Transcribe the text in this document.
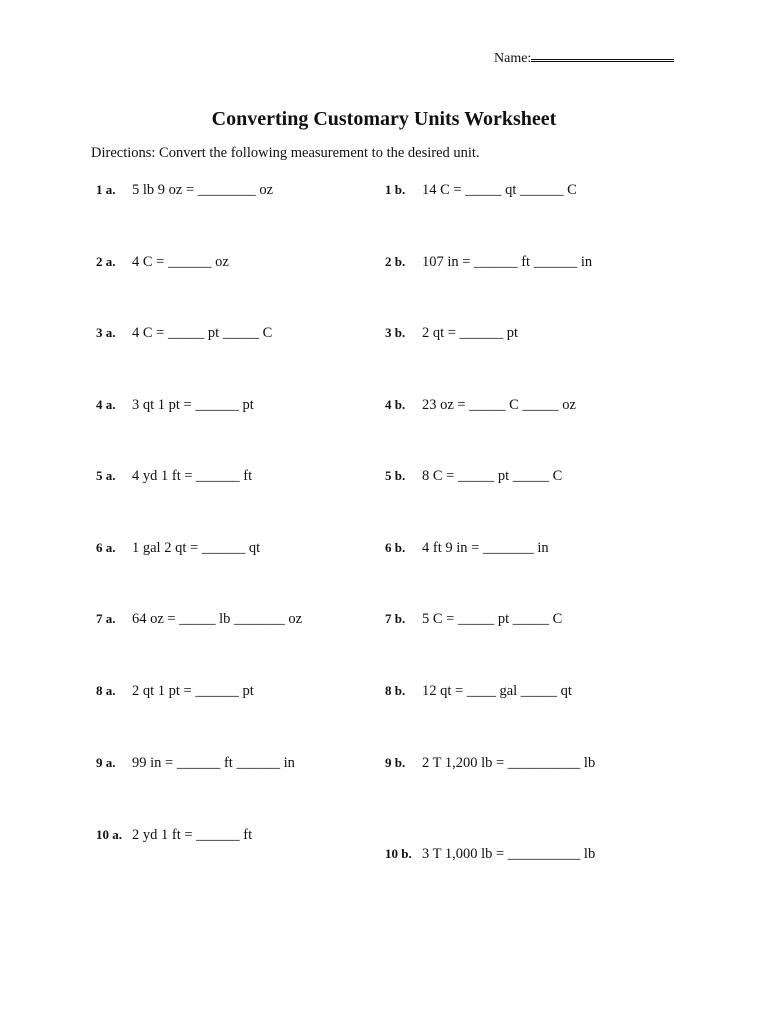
Name:
Converting Customary Units Worksheet
Directions: Convert the following measurement to the desired unit.
1 a. 5 lb 9 oz = ________ oz
2 a. 4 C = ______ oz
3 a. 4 C = _____ pt _____ C
4 a. 3 qt 1 pt = ______ pt
5 a. 4 yd 1 ft = ______ ft
6 a. 1 gal 2 qt = ______ qt
7 a. 64 oz = _____ lb _______ oz
8 a. 2 qt 1 pt = ______ pt
9 a. 99 in = ______ ft ______ in
10 a. 2 yd 1 ft = ______ ft
1 b. 14 C = _____ qt ______ C
2 b. 107 in = ______ ft ______ in
3 b. 2 qt = ______ pt
4 b. 23 oz = _____ C _____ oz
5 b. 8 C = _____ pt _____ C
6 b. 4 ft 9 in = _______ in
7 b. 5 C = _____ pt _____ C
8 b. 12 qt = ____ gal _____ qt
9 b. 2 T 1,200 lb = __________ lb
10 b. 3 T 1,000 lb = __________ lb
